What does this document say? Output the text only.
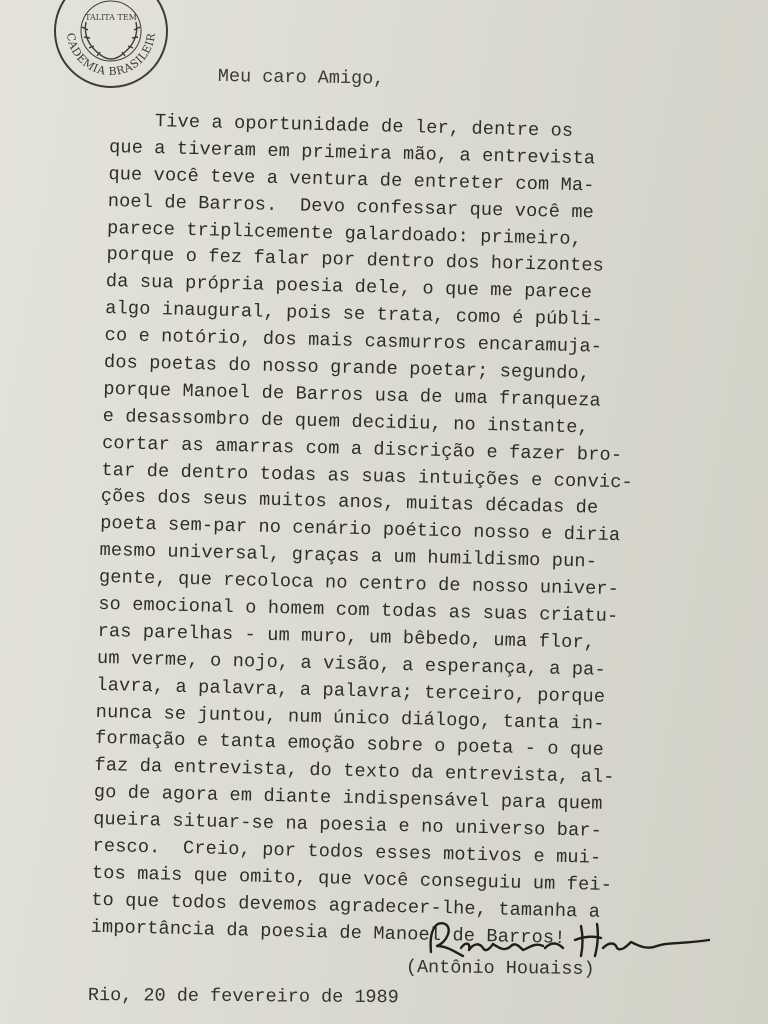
TALITA TEM
CADEMIA BRASILEIR

Meu caro Amigo,

Tive a oportunidade de ler, dentre os
que a tiveram em primeira mão, a entrevista
que você teve a ventura de entreter com Ma-
noel de Barros.  Devo confessar que você me
parece triplicemente galardoado: primeiro,
porque o fez falar por dentro dos horizontes
da sua própria poesia dele, o que me parece
algo inaugural, pois se trata, como é públi-
co e notório, dos mais casmurros encaramuja-
dos poetas do nosso grande poetar; segundo,
porque Manoel de Barros usa de uma franqueza
e desassombro de quem decidiu, no instante,
cortar as amarras com a discrição e fazer bro-
tar de dentro todas as suas intuições e convic-
ções dos seus muitos anos, muitas décadas de
poeta sem-par no cenário poético nosso e diria
mesmo universal, graças a um humildismo pun-
gente, que recoloca no centro de nosso univer-
so emocional o homem com todas as suas criatu-
ras parelhas - um muro, um bêbedo, uma flor,
um verme, o nojo, a visão, a esperança, a pa-
lavra, a palavra, a palavra; terceiro, porque
nunca se juntou, num único diálogo, tanta in-
formação e tanta emoção sobre o poeta - o que
faz da entrevista, do texto da entrevista, al-
go de agora em diante indispensável para quem
queira situar-se na poesia e no universo bar-
resco.  Creio, por todos esses motivos e mui-
tos mais que omito, que você conseguiu um fei-
to que todos devemos agradecer-lhe, tamanha a
importância da poesia de Manoel de Barros!

(Antônio Houaiss)

Rio, 20 de fevereiro de 1989
